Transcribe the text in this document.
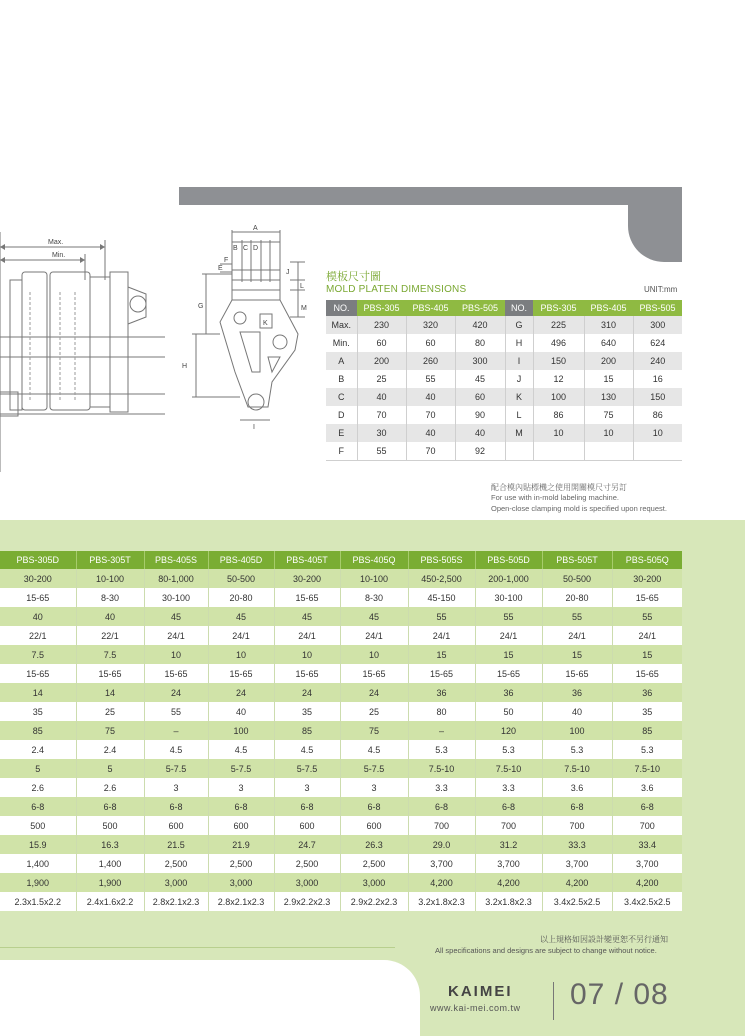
Max.
Min.
A
B C D
E
F
G
H
I
J
K
L
M
模板尺寸圖
MOLD PLATEN DIMENSIONS	UNIT:mm
NO.	PBS-305	PBS-405	PBS-505	NO.	PBS-305	PBS-405	PBS-505
Max.	230	320	420	G	225	310	300
Min.	60	60	80	H	496	640	624
A	200	260	300	I	150	200	240
B	25	55	45	J	12	15	16
C	40	40	60	K	100	130	150
D	70	70	90	L	86	75	86
E	30	40	40	M	10	10	10
F	55	70	92				
配合模內貼標機之使用開關模尺寸另訂
For use with in-mold labeling machine.
Open-close clamping mold is specified upon request.
PBS-305D	PBS-305T	PBS-405S	PBS-405D	PBS-405T	PBS-405Q	PBS-505S	PBS-505D	PBS-505T	PBS-505Q
30-200	10-100	80-1,000	50-500	30-200	10-100	450-2,500	200-1,000	50-500	30-200
15-65	8-30	30-100	20-80	15-65	8-30	45-150	30-100	20-80	15-65
40	40	45	45	45	45	55	55	55	55
22/1	22/1	24/1	24/1	24/1	24/1	24/1	24/1	24/1	24/1
7.5	7.5	10	10	10	10	15	15	15	15
15-65	15-65	15-65	15-65	15-65	15-65	15-65	15-65	15-65	15-65
14	14	24	24	24	24	36	36	36	36
35	25	55	40	35	25	80	50	40	35
85	75	–	100	85	75	–	120	100	85
2.4	2.4	4.5	4.5	4.5	4.5	5.3	5.3	5.3	5.3
5	5	5-7.5	5-7.5	5-7.5	5-7.5	7.5-10	7.5-10	7.5-10	7.5-10
2.6	2.6	3	3	3	3	3.3	3.3	3.6	3.6
6-8	6-8	6-8	6-8	6-8	6-8	6-8	6-8	6-8	6-8
500	500	600	600	600	600	700	700	700	700
15.9	16.3	21.5	21.9	24.7	26.3	29.0	31.2	33.3	33.4
1,400	1,400	2,500	2,500	2,500	2,500	3,700	3,700	3,700	3,700
1,900	1,900	3,000	3,000	3,000	3,000	4,200	4,200	4,200	4,200
2.3x1.5x2.2	2.4x1.6x2.2	2.8x2.1x2.3	2.8x2.1x2.3	2.9x2.2x2.3	2.9x2.2x2.3	3.2x1.8x2.3	3.2x1.8x2.3	3.4x2.5x2.5	3.4x2.5x2.5
以上規格如因設計變更恕不另行通知
All specifications and designs are subject to change without notice.
KAIMEI
www.kai-mei.com.tw 07 / 08
